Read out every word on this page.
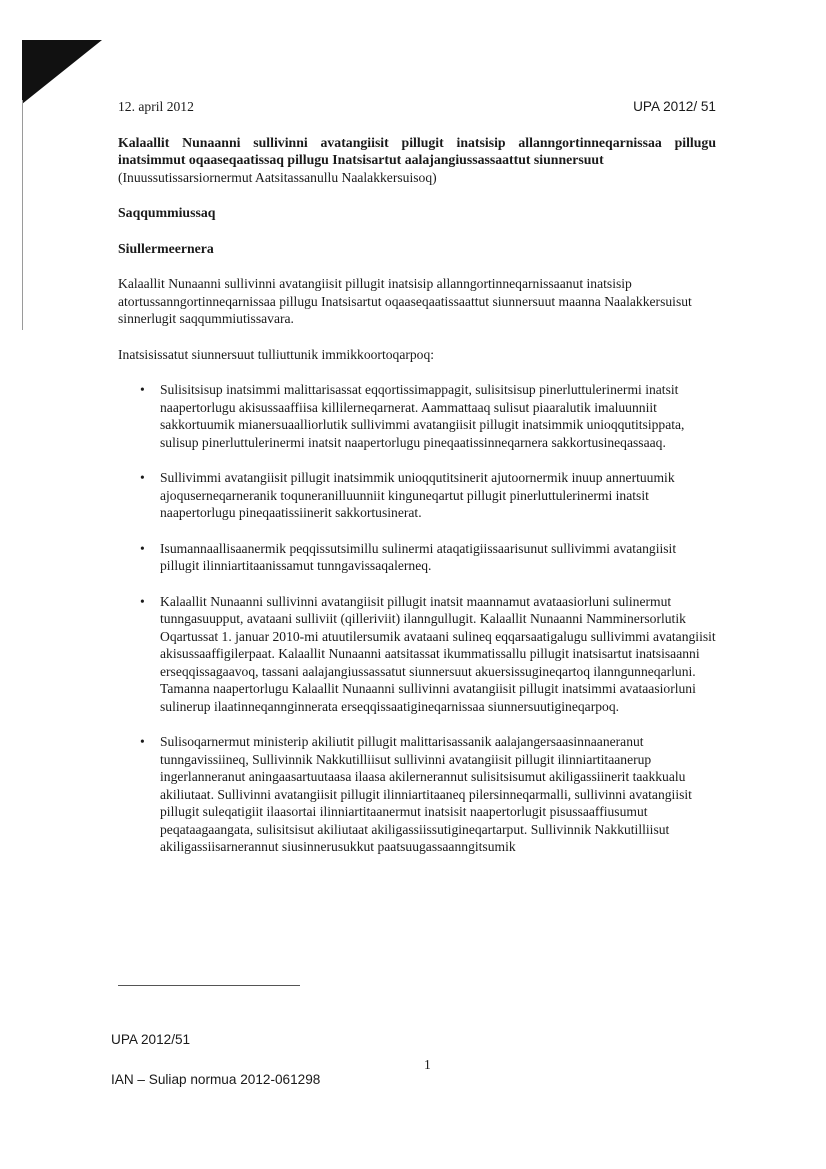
12. april 2012	UPA 2012/ 51

Kalaallit Nunaanni sullivinni avatangiisit pillugit inatsisip allanngortinneqarnissaa pillugu inatsimmut oqaaseqaatissaq pillugu Inatsisartut aalajangiussassaattut siunnersuut

(Inuussutissarsiornermut Aatsitassanullu Naalakkersuisoq)

Saqqummiussaq

Siullermeernera

Kalaallit Nunaanni sullivinni avatangiisit pillugit inatsisip allanngortinneqarnissaanut inatsisip atortussanngortinneqarnissaa pillugu Inatsisartut oqaaseqaatissaattut siunnersuut maanna Naalakkersuisut sinnerlugit saqqummiutissavara.

Inatsisissatut siunnersuut tulliuttunik immikkoortoqarpoq:

• Sulisitsisup inatsimmi malittarisassat eqqortissimappagit, sulisitsisup pinerluttulerinermi inatsit naapertorlugu akisussaaffiisa killilerneqarnerat. Aammattaaq sulisut piaaralutik imaluunniit sakkortuumik mianersuaalliorlutik sullivimmi avatangiisit pillugit inatsimmik unioqqutitsippata, sulisup pinerluttulerinermi inatsit naapertorlugu pineqaatissinneqarnera sakkortusineqassaaq.
• Sullivimmi avatangiisit pillugit inatsimmik unioqqutitsinerit ajutoornermik inuup annertuumik ajoquserneqarneranik toquneranilluunniit kinguneqartut pillugit pinerluttulerinermi inatsit naapertorlugu pineqaatissiinerit sakkortusinerat.
• Isumannaallisaanermik peqqissutsimillu sulinermi ataqatigiissaarisunut sullivimmi avatangiisit pillugit ilinniartitaanissamut tunngavissaqalerneq.
• Kalaallit Nunaanni sullivinni avatangiisit pillugit inatsit maannamut avataasiorluni sulinermut tunngasuupput, avataani sulliviit (qilleriviit) ilanngullugit. Kalaallit Nunaanni Namminersorlutik Oqartussat 1. januar 2010-mi atuutilersumik avataani sulineq eqqarsaatigalugu sullivimmi avatangiisit akisussaaffigilerpaat. Kalaallit Nunaanni aatsitassat ikummatissallu pillugit inatsisartut inatsisaanni erseqqissagaavoq, tassani aalajangiussassatut siunnersuut akuersissugineqartoq ilanngunneqarluni. Tamanna naapertorlugu Kalaallit Nunaanni sullivinni avatangiisit pillugit inatsimmi avataasiorluni sulinerup ilaatinneqannginnerata erseqqissaatigineqarnissaa siunnersuutigineqarpoq.
• Sulisoqarnermut ministerip akiliutit pillugit malittarisassanik aalajangersaasinnaaneranut tunngavissiineq, Sullivinnik Nakkutilliisut sullivinni avatangiisit pillugit ilinniartitaanerup ingerlanneranut aningaasartuutaasa ilaasa akilernerannut sulisitsisumut akiligassiinerit taakkualu akiliutaat. Sullivinni avatangiisit pillugit ilinniartitaaneq pilersinneqarmalli, sullivinni avatangiisit pillugit suleqatigiit ilaasortai ilinniartitaanermut inatsisit naapertorlugit pisussaaffiusumut peqataagaangata, sulisitsisut akiliutaat akiligassiissutigineqartarput. Sullivinnik Nakkutilliisut akiligassiisarnerannut siusinnerusukkut paatsuugassaanngitsumik
UPA 2012/51
1
IAN – Suliap normua 2012-061298
